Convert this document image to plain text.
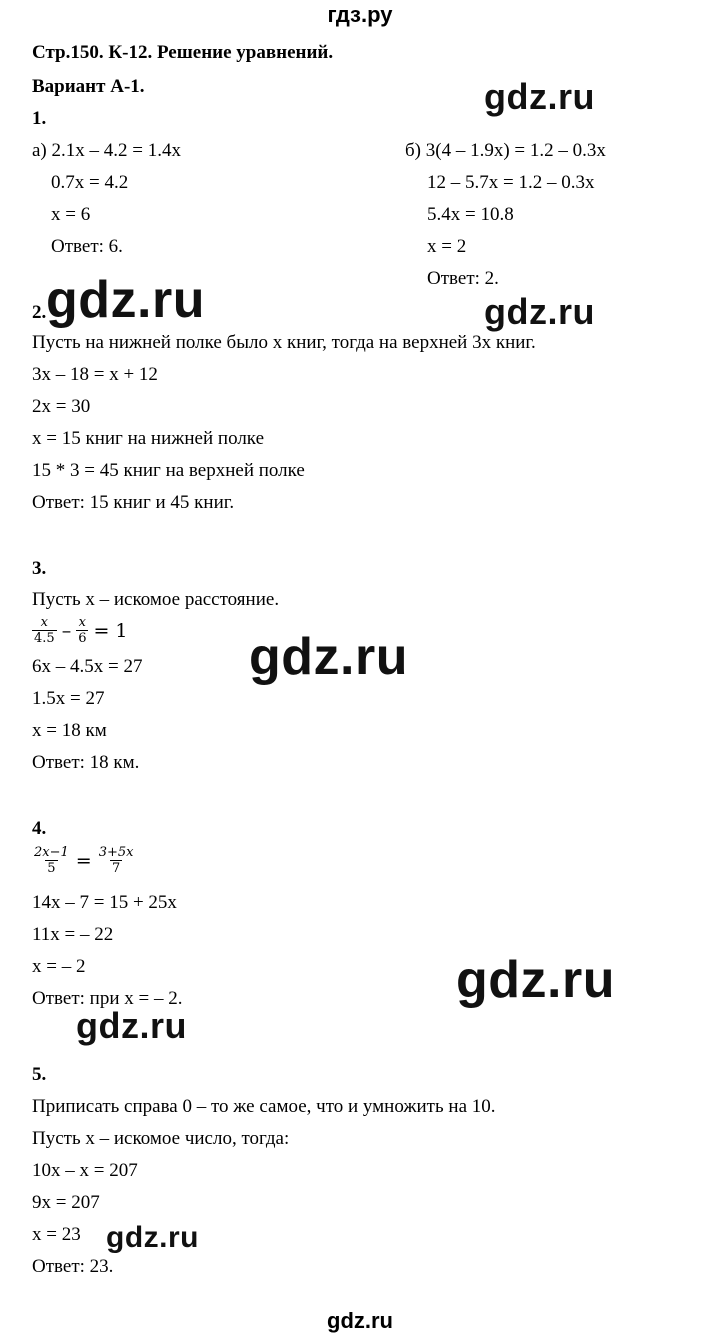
гдз.ру
Стр.150. К-12. Решение уравнений.
Вариант А-1.
1.
а) 2.1x – 4.2 = 1.4x
0.7x = 4.2
x = 6
Ответ: 6.
б) 3(4 – 1.9x) = 1.2 – 0.3x
12 – 5.7x = 1.2 – 0.3x
5.4x = 10.8
x = 2
Ответ: 2.
2.
Пусть на нижней полке было x книг, тогда на верхней 3x книг.
3x – 18 = x + 12
2x = 30
x = 15 книг на нижней полке
15 * 3 = 45 книг на верхней полке
Ответ: 15 книг и 45 книг.
3.
Пусть x – искомое расстояние.
$\frac{x}{4.5} - \frac{x}{6} = 1$
6x – 4.5x = 27
1.5x = 27
x = 18 км
Ответ: 18 км.
4.
$\frac{2x-1}{5} = \frac{3+5x}{7}$
14x – 7 = 15 + 25x
11x = – 22
x = – 2
Ответ: при x = – 2.
5.
Приписать справа 0 – то же самое, что и умножить на 10.
Пусть x – искомое число, тогда:
10x – x = 207
9x = 207
x = 23
Ответ: 23.
gdz.ru
gdz.ru	gdz.ru
gdz.ru
gdz.ru
gdz.ru
gdz.ru
gdz.ru
